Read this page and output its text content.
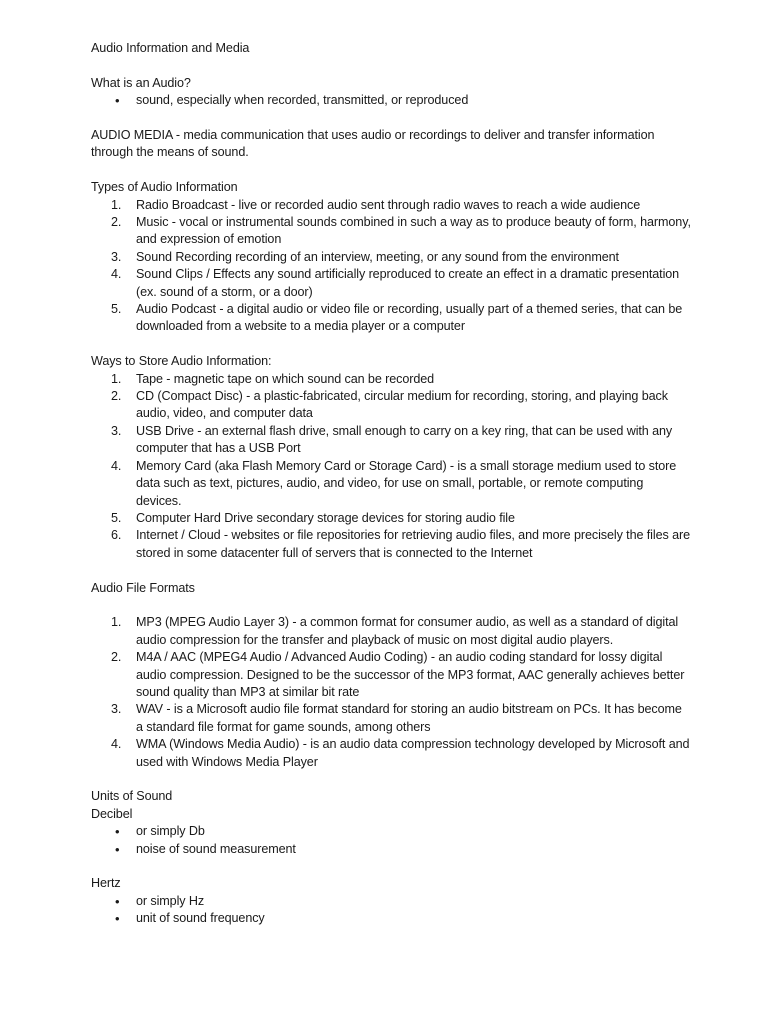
Audio Information and Media

What is an Audio?

• sound, especially when recorded, transmitted, or reproduced

AUDIO MEDIA - media communication that uses audio or recordings to deliver and transfer information through the means of sound.

Types of Audio Information

1. Radio Broadcast - live or recorded audio sent through radio waves to reach a wide audience
2. Music - vocal or instrumental sounds combined in such a way as to produce beauty of form, harmony, and expression of emotion
3. Sound Recording recording of an interview, meeting, or any sound from the environment
4. Sound Clips / Effects any sound artificially reproduced to create an effect in a dramatic presentation (ex. sound of a storm, or a door)
5. Audio Podcast - a digital audio or video file or recording, usually part of a themed series, that can be downloaded from a website to a media player or a computer

Ways to Store Audio Information:

1. Tape - magnetic tape on which sound can be recorded
2. CD (Compact Disc) - a plastic-fabricated, circular medium for recording, storing, and playing back audio, video, and computer data
3. USB Drive - an external flash drive, small enough to carry on a key ring, that can be used with any computer that has a USB Port
4. Memory Card (aka Flash Memory Card or Storage Card) - is a small storage medium used to store data such as text, pictures, audio, and video, for use on small, portable, or remote computing devices.
5. Computer Hard Drive secondary storage devices for storing audio file
6. Internet / Cloud - websites or file repositories for retrieving audio files, and more precisely the files are stored in some datacenter full of servers that is connected to the Internet

Audio File Formats

1. MP3 (MPEG Audio Layer 3) - a common format for consumer audio, as well as a standard of digital audio compression for the transfer and playback of music on most digital audio players.
2. M4A / AAC (MPEG4 Audio / Advanced Audio Coding) - an audio coding standard for lossy digital audio compression. Designed to be the successor of the MP3 format, AAC generally achieves better sound quality than MP3 at similar bit rate
3. WAV - is a Microsoft audio file format standard for storing an audio bitstream on PCs. It has become a standard file format for game sounds, among others
4. WMA (Windows Media Audio) - is an audio data compression technology developed by Microsoft and used with Windows Media Player

Units of Sound

Decibel

• or simply Db
• noise of sound measurement

Hertz

• or simply Hz
• unit of sound frequency
